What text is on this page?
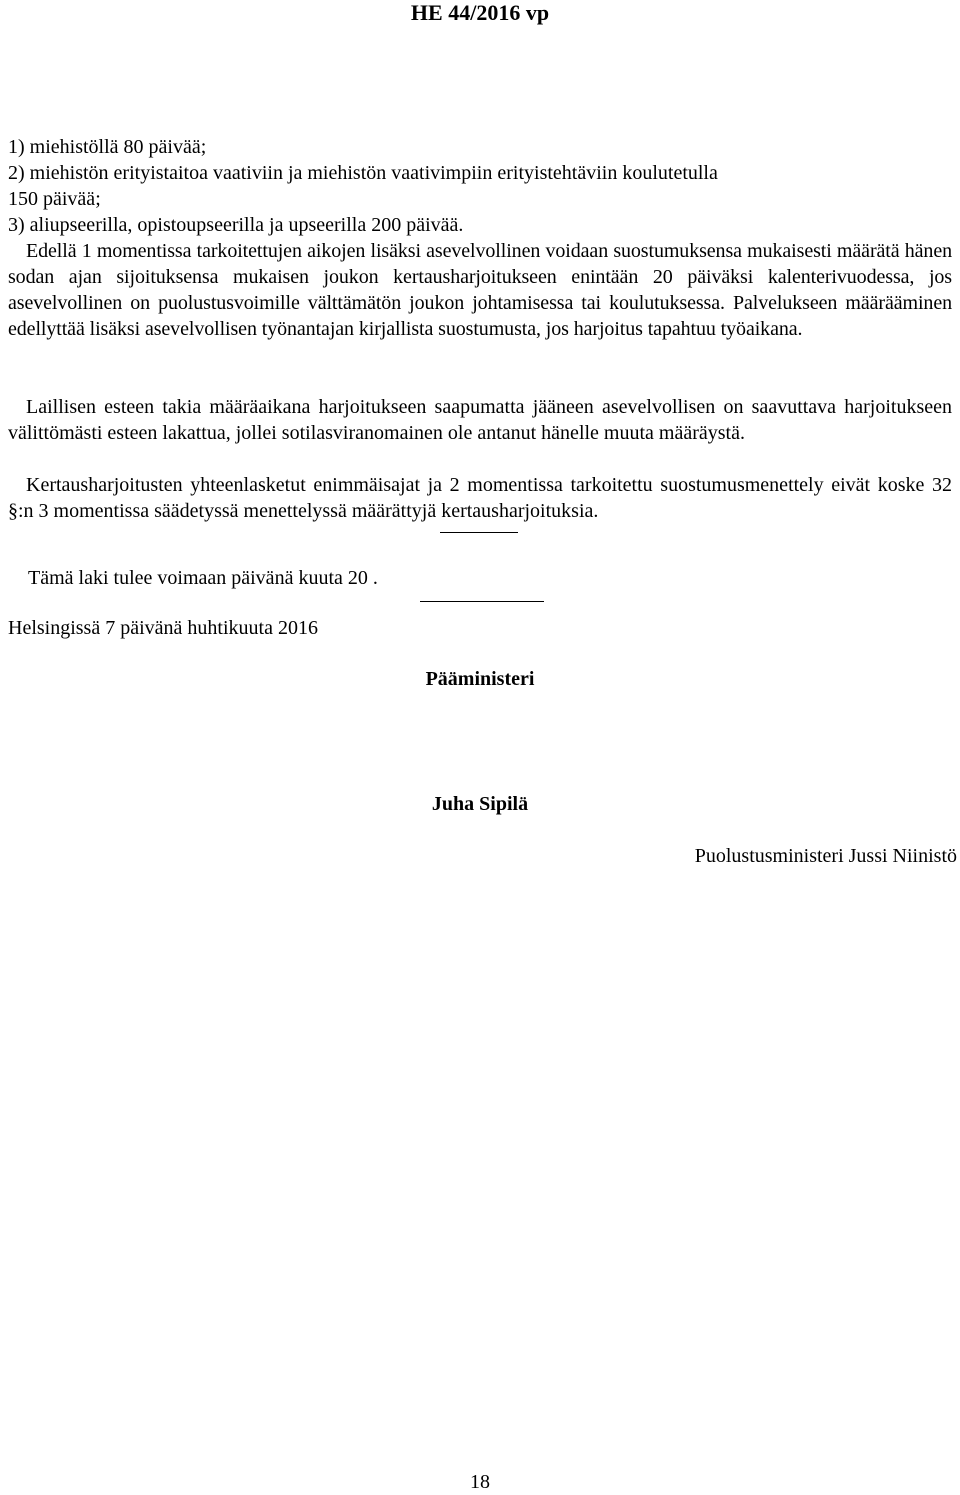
HE 44/2016 vp
1) miehistöllä 80 päivää;
2) miehistön erityistaitoa vaativiin ja miehistön vaativimpiin erityistehtäviin koulutetulla
150 päivää;
3) aliupseerilla, opistoupseerilla ja upseerilla 200 päivää.
Edellä 1 momentissa tarkoitettujen aikojen lisäksi asevelvollinen voidaan suostumuksensa mukaisesti määrätä hänen sodan ajan sijoituksensa mukaisen joukon kertausharjoitukseen enintään 20 päiväksi kalenterivuodessa, jos asevelvollinen on puolustusvoimille välttämätön joukon johtamisessa tai koulutuksessa. Palvelukseen määrääminen edellyttää lisäksi asevelvollisen työnantajan kirjallista suostumusta, jos harjoitus tapahtuu työaikana.
Laillisen esteen takia määräaikana harjoitukseen saapumatta jääneen asevelvollisen on saavuttava harjoitukseen välittömästi esteen lakattua, jollei sotilasviranomainen ole antanut hänelle muuta määräystä.
Kertausharjoitusten yhteenlasketut enimmäisajat ja 2 momentissa tarkoitettu suostumusmenettely eivät koske 32 §:n 3 momentissa säädetyssä menettelyssä määrättyjä kertausharjoituksia.
Tämä laki tulee voimaan päivänä kuuta 20 .
Helsingissä 7 päivänä huhtikuuta 2016
Pääministeri
Juha Sipilä
Puolustusministeri Jussi Niinistö
18
